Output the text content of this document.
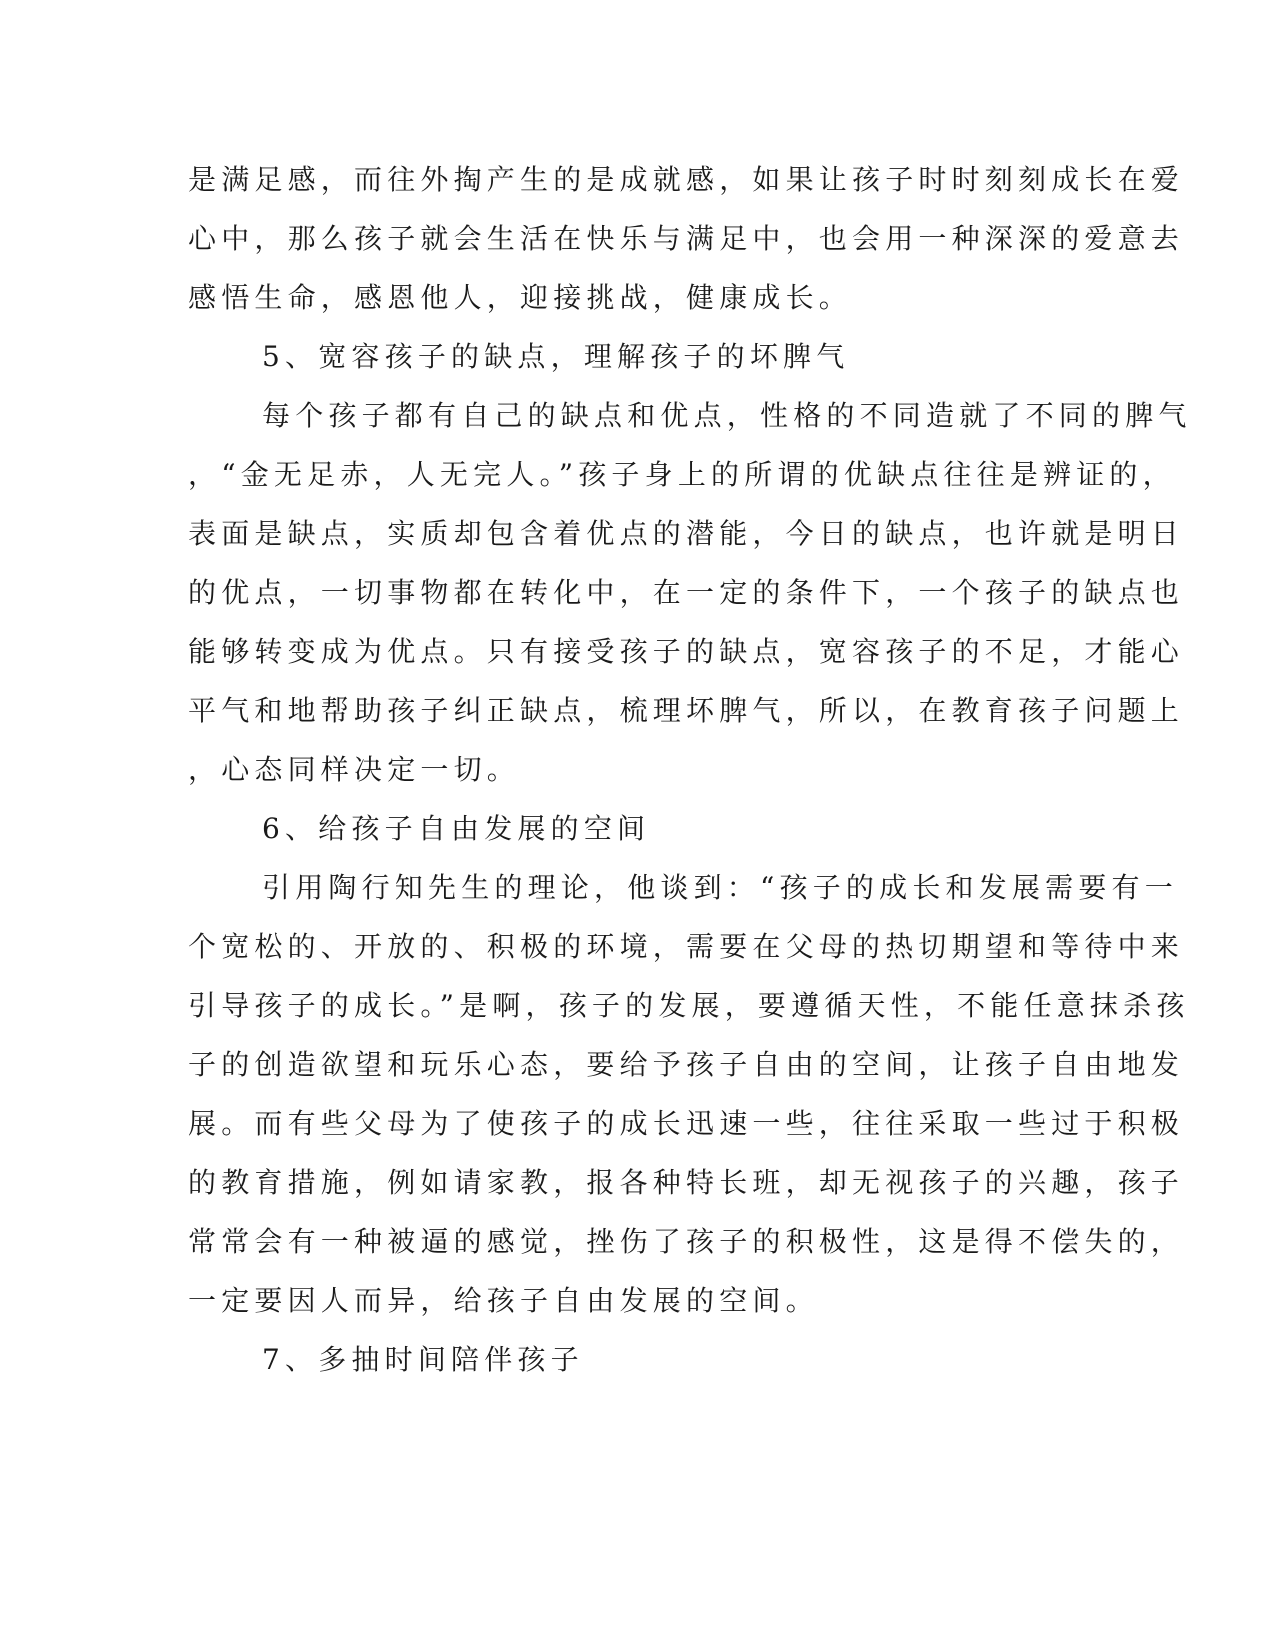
是满足感，而往外掏产生的是成就感，如果让孩子时时刻刻成长在爱
心中，那么孩子就会生活在快乐与满足中，也会用一种深深的爱意去
感悟生命，感恩他人，迎接挑战，健康成长。
5、宽容孩子的缺点，理解孩子的坏脾气
每个孩子都有自己的缺点和优点，性格的不同造就了不同的脾气
，“金无足赤，人无完人。”孩子身上的所谓的优缺点往往是辨证的，
表面是缺点，实质却包含着优点的潜能，今日的缺点，也许就是明日
的优点，一切事物都在转化中，在一定的条件下，一个孩子的缺点也
能够转变成为优点。只有接受孩子的缺点，宽容孩子的不足，才能心
平气和地帮助孩子纠正缺点，梳理坏脾气，所以，在教育孩子问题上
，心态同样决定一切。
6、给孩子自由发展的空间
引用陶行知先生的理论，他谈到：“孩子的成长和发展需要有一
个宽松的、开放的、积极的环境，需要在父母的热切期望和等待中来
引导孩子的成长。”是啊，孩子的发展，要遵循天性，不能任意抹杀孩
子的创造欲望和玩乐心态，要给予孩子自由的空间，让孩子自由地发
展。而有些父母为了使孩子的成长迅速一些，往往采取一些过于积极
的教育措施，例如请家教，报各种特长班，却无视孩子的兴趣，孩子
常常会有一种被逼的感觉，挫伤了孩子的积极性，这是得不偿失的，
一定要因人而异，给孩子自由发展的空间。
7、多抽时间陪伴孩子
